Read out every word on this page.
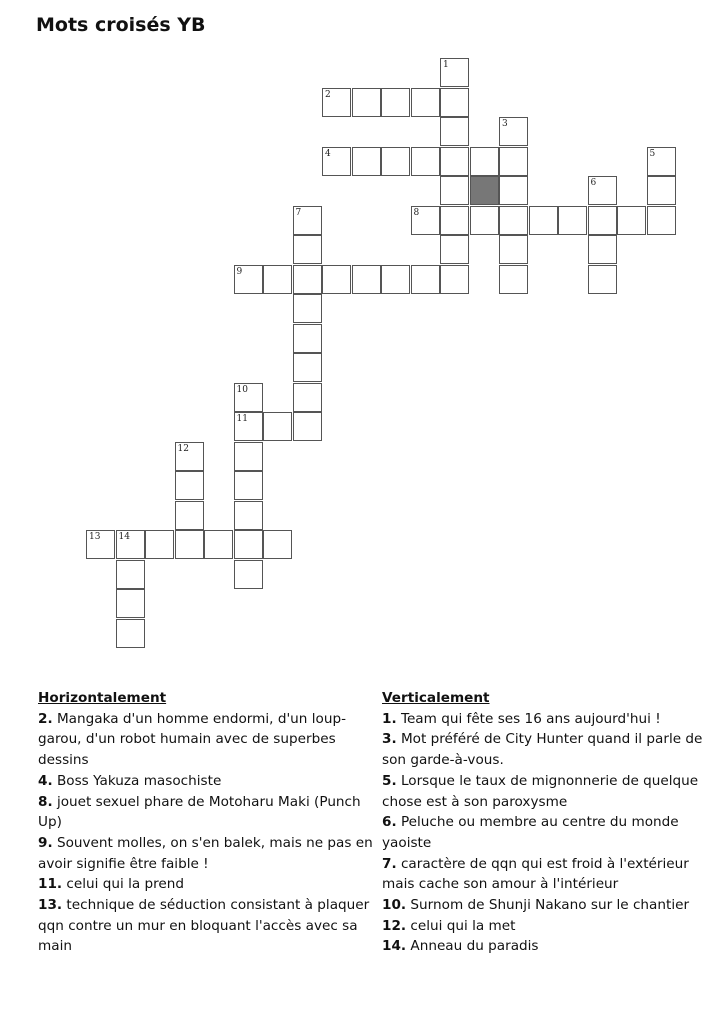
Mots croisés YB
1
2
3
4	5
6
7	8
9
10
11
12
13 14
Horizontalement
2. Mangaka d'un homme endormi, d'un loup-garou, d'un robot humain avec de superbes dessins
4. Boss Yakuza masochiste
8. jouet sexuel phare de Motoharu Maki (Punch Up)
9. Souvent molles, on s'en balek, mais ne pas en avoir signifie être faible !
11. celui qui la prend
13. technique de séduction consistant à plaquer qqn contre un mur en bloquant l'accès avec sa main
Verticalement
1. Team qui fête ses 16 ans aujourd'hui !
3. Mot préféré de City Hunter quand il parle de son garde-à-vous.
5. Lorsque le taux de mignonnerie de quelque chose est à son paroxysme
6. Peluche ou membre au centre du monde yaoiste
7. caractère de qqn qui est froid à l'extérieur mais cache son amour à l'intérieur
10. Surnom de Shunji Nakano sur le chantier
12. celui qui la met
14. Anneau du paradis
